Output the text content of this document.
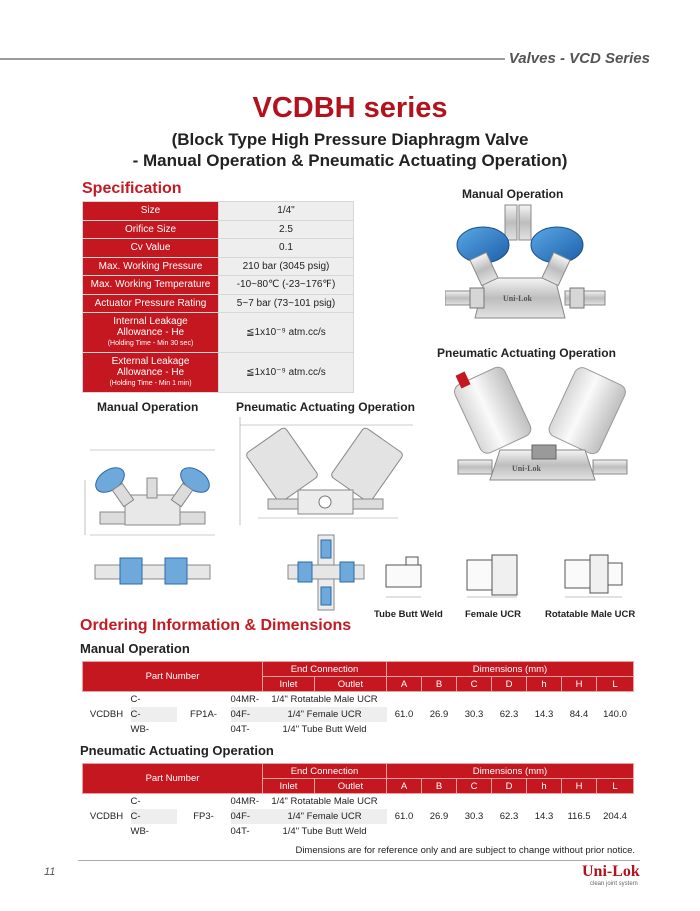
Valves - VCD Series
VCDBH series
(Block Type High Pressure Diaphragm Valve
- Manual Operation & Pneumatic Actuating Operation)
Specification
Size	1/4"
Orifice Size	2.5
Cv Value	0.1
Max. Working Pressure	210 bar (3045 psig)
Max. Working Temperature	-10~80℃ (-23~176℉)
Actuator Pressure Rating	5~7 bar (73~101 psig)
Internal Leakage
Allowance - He
(Holding Time - Min 30 sec)	≦1x10⁻⁹ atm.cc/s
External Leakage
Allowance - He
(Holding Time - Min 1 min)	≦1x10⁻⁹ atm.cc/s
Manual Operation
Uni-Lok
Pneumatic Actuating Operation
Uni-Lok
Manual Operation	Pneumatic Actuating Operation
Tube Butt Weld Female UCR	Rotatable Male UCR
Ordering Information & Dimensions
Manual Operation
Part Number				End Connection		Dimensions (mm)						
				Inlet	Outlet	A	B	C	D	h	H	L
VCDBH	C-	FP1A-	04MR-	1/4" Rotatable Male UCR		61.0	26.9	30.3	62.3	14.3	84.4	140.0
	C-		04F-	1/4" Female UCR								
	WB-		04T-	1/4" Tube Butt Weld								
Pneumatic Actuating Operation
Part Number				End Connection		Dimensions (mm)						
				Inlet	Outlet	A	B	C	D	h	H	L
VCDBH	C-	FP3-	04MR-	1/4" Rotatable Male UCR		61.0	26.9	30.3	62.3	14.3	116.5	204.4
	C-		04F-	1/4" Female UCR								
	WB-		04T-	1/4" Tube Butt Weld								
Dimensions are for reference only and are subject to change without prior notice.
11	Uni-Lok
clean joint system
